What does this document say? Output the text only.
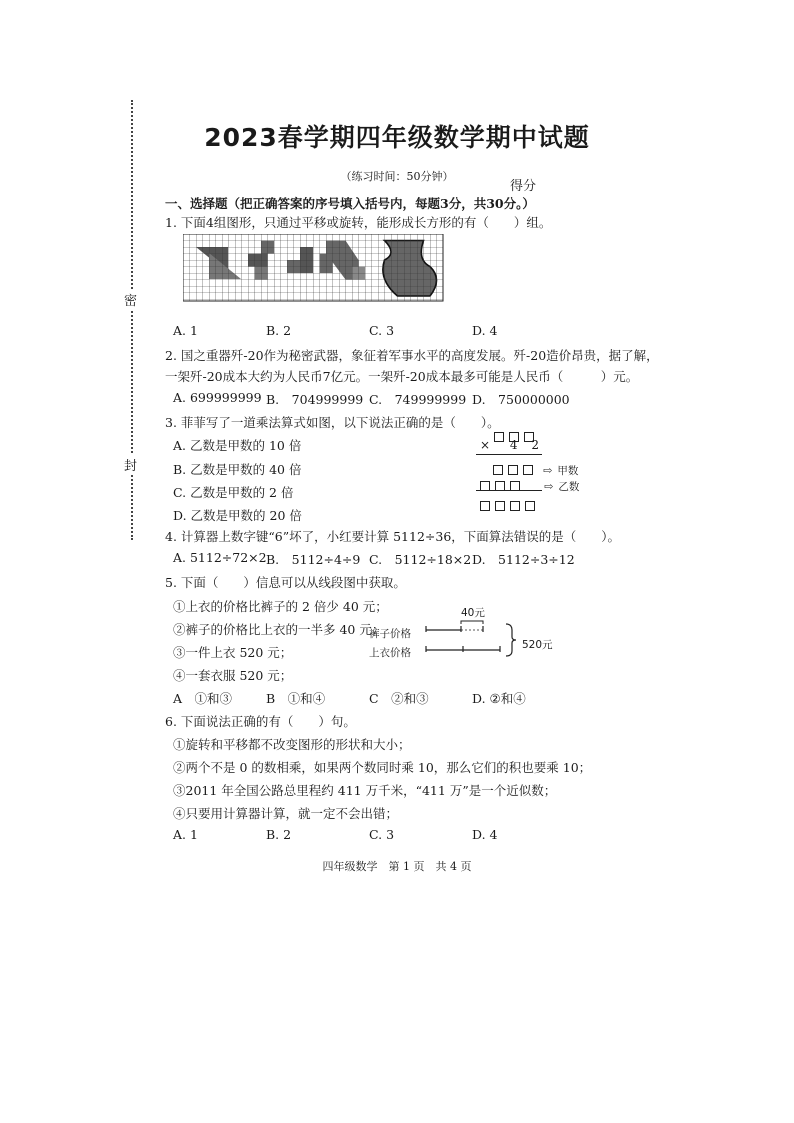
密
封
2023春学期四年级数学期中试题
（练习时间：50分钟）
得分
一、选择题（把正确答案的序号填入括号内，每题3分，共30分。）
1. 下面4组图形，只通过平移或旋转，能形成长方形的有（　　）组。
A. 1	B. 2	C. 3	D. 4
2. 国之重器歼-20作为秘密武器，象征着军事水平的高度发展。歼-20造价昂贵，据了解，
一架歼-20成本大约为人民币7亿元。一架歼-20成本最多可能是人民币（　　　）元。
A. 699999999 B.　704999999 C.　749999999 D.　750000000
3. 菲菲写了一道乘法算式如图，以下说法正确的是（　　）。
A. 乙数是甲数的 10 倍
B. 乙数是甲数的 40 倍
C. 乙数是甲数的 2 倍
D. 乙数是甲数的 20 倍
× 4 2
⇨ 甲数
⇨ 乙数
4. 计算器上数字键“6”坏了，小红要计算 5112÷36，下面算法错误的是（　　）。
A. 5112÷72×2 B.　5112÷4÷9 C.　5112÷18×2 D.　5112÷3÷12
5. 下面（　　）信息可以从线段图中获取。
①上衣的价格比裤子的 2 倍少 40 元；
②裤子的价格比上衣的一半多 40 元；
③一件上衣 520 元；
④一套衣服 520 元；
40元
裤子价格
上衣价格
520元
A　①和③	B　①和④	C　②和③	D. ②和④
6. 下面说法正确的有（　　）句。
①旋转和平移都不改变图形的形状和大小；
②两个不是 0 的数相乘，如果两个数同时乘 10，那么它们的积也要乘 10；
③2011 年全国公路总里程约 411 万千米，“411 万”是一个近似数；
④只要用计算器计算，就一定不会出错；
A. 1	B. 2	C. 3	D. 4
四年级数学　第 1 页　共 4 页
